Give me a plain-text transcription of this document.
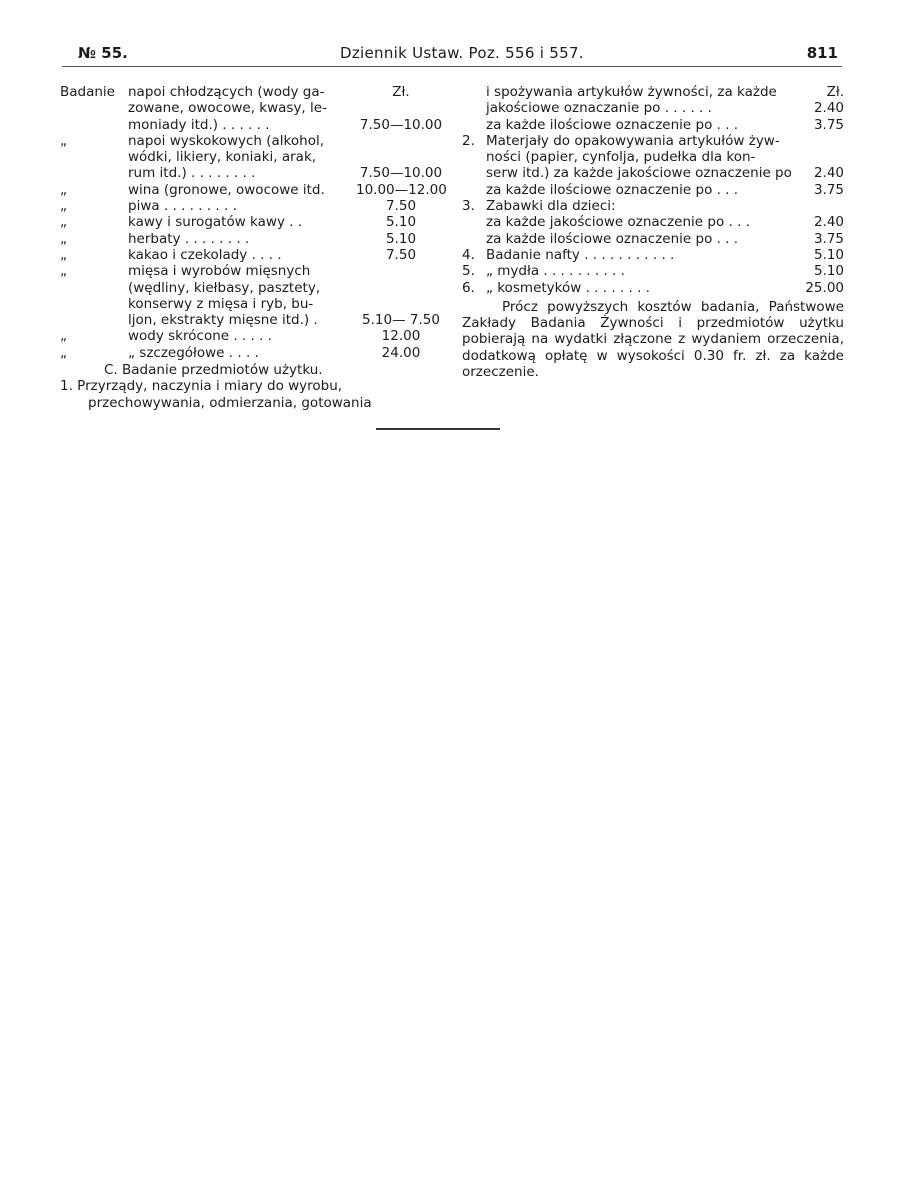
№ 55.	Dziennik Ustaw. Poz. 556 i 557.	811
Badanie napoi chłodzących (wody ga-	Zł.
zowane, owocowe, kwasy, le-
moniady itd.) . . . . . .	7.50—10.00
„	napoi wyskokowych (alkohol,
wódki, likiery, koniaki, arak,
rum itd.) . . . . . . . .	7.50—10.00
„	wina (gronowe, owocowe itd. 10.00—12.00
„	piwa . . . . . . . . .	7.50
„	kawy i surogatów kawy . .	5.10
„	herbaty . . . . . . . .	5.10
„	kakao i czekolady . . . .	7.50
„	mięsa i wyrobów mięsnych
(wędliny, kiełbasy, pasztety,
konserwy z mięsa i ryb, bu-
ljon, ekstrakty mięsne itd.) .	5.10— 7.50
„	wody skrócone . . . . .	12.00
„	„ szczegółowe . . . .	24.00
C. Badanie przedmiotów użytku.
1. Przyrządy, naczynia i miary do wyrobu,
przechowywania, odmierzania, gotowania
i spożywania artykułów żywności, za każde	Zł.
jakościowe oznaczanie po . . . . . .	2.40
za każde ilościowe oznaczenie po . . .	3.75
2. Materjały do opakowywania artykułów żyw-
ności (papier, cynfolja, pudełka dla kon-
serw itd.) za każde jakościowe oznaczenie po	2.40
za każde ilościowe oznaczenie po . . .	3.75
3. Zabawki dla dzieci:
za każde jakościowe oznaczenie po . . .	2.40
za każde ilościowe oznaczenie po . . .	3.75
4. Badanie nafty . . . . . . . . . . .	5.10
5. „ mydła . . . . . . . . . .	5.10
6. „ kosmetyków . . . . . . . .	25.00

Prócz powyższych kosztów badania, Państwowe Zakłady Badania Żywności i przedmiotów użytku pobierają na wydatki złączone z wydaniem orzeczenia, dodatkową opłatę w wysokości 0.30 fr. zł. za każde orzeczenie.
